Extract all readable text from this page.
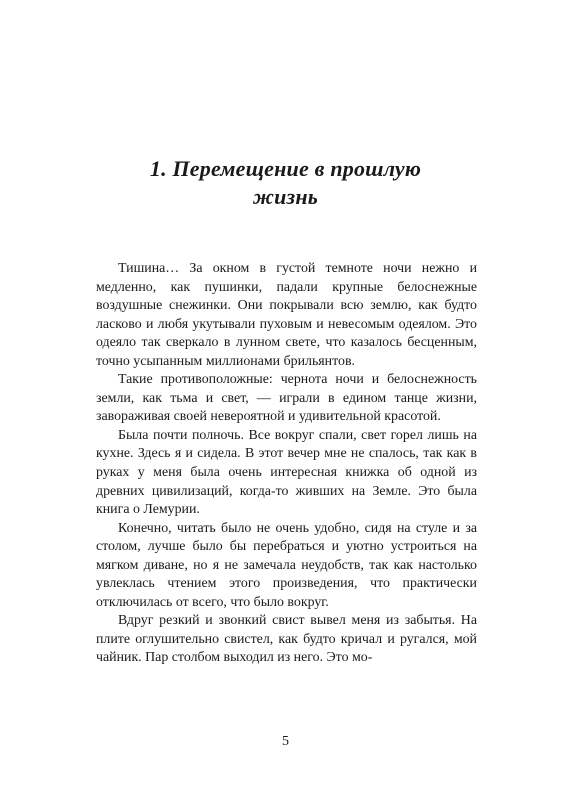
1. Перемещение в прошлую
жизнь

Тишина… За окном в густой темноте ночи нежно и медленно, как пушинки, падали крупные белоснежные воздушные снежинки. Они покрывали всю землю, как будто ласково и любя укутывали пуховым и невесомым одеялом. Это одеяло так сверкало в лунном свете, что казалось бесценным, точно усыпанным миллионами брильянтов.

Такие противоположные: чернота ночи и белоснежность земли, как тьма и свет, — играли в едином танце жизни, завораживая своей невероятной и удивительной красотой.

Была почти полночь. Все вокруг спали, свет горел лишь на кухне. Здесь я и сидела. В этот вечер мне не спалось, так как в руках у меня была очень интересная книжка об одной из древних цивилизаций, когда-то живших на Земле. Это была книга о Лемурии.

Конечно, читать было не очень удобно, сидя на стуле и за столом, лучше было бы перебраться и уютно устроиться на мягком диване, но я не замечала неудобств, так как настолько увлеклась чтением этого произведения, что практически отключилась от всего, что было вокруг.

Вдруг резкий и звонкий свист вывел меня из забытья. На плите оглушительно свистел, как будто кричал и ругался, мой чайник. Пар столбом выходил из него. Это мо-

5
